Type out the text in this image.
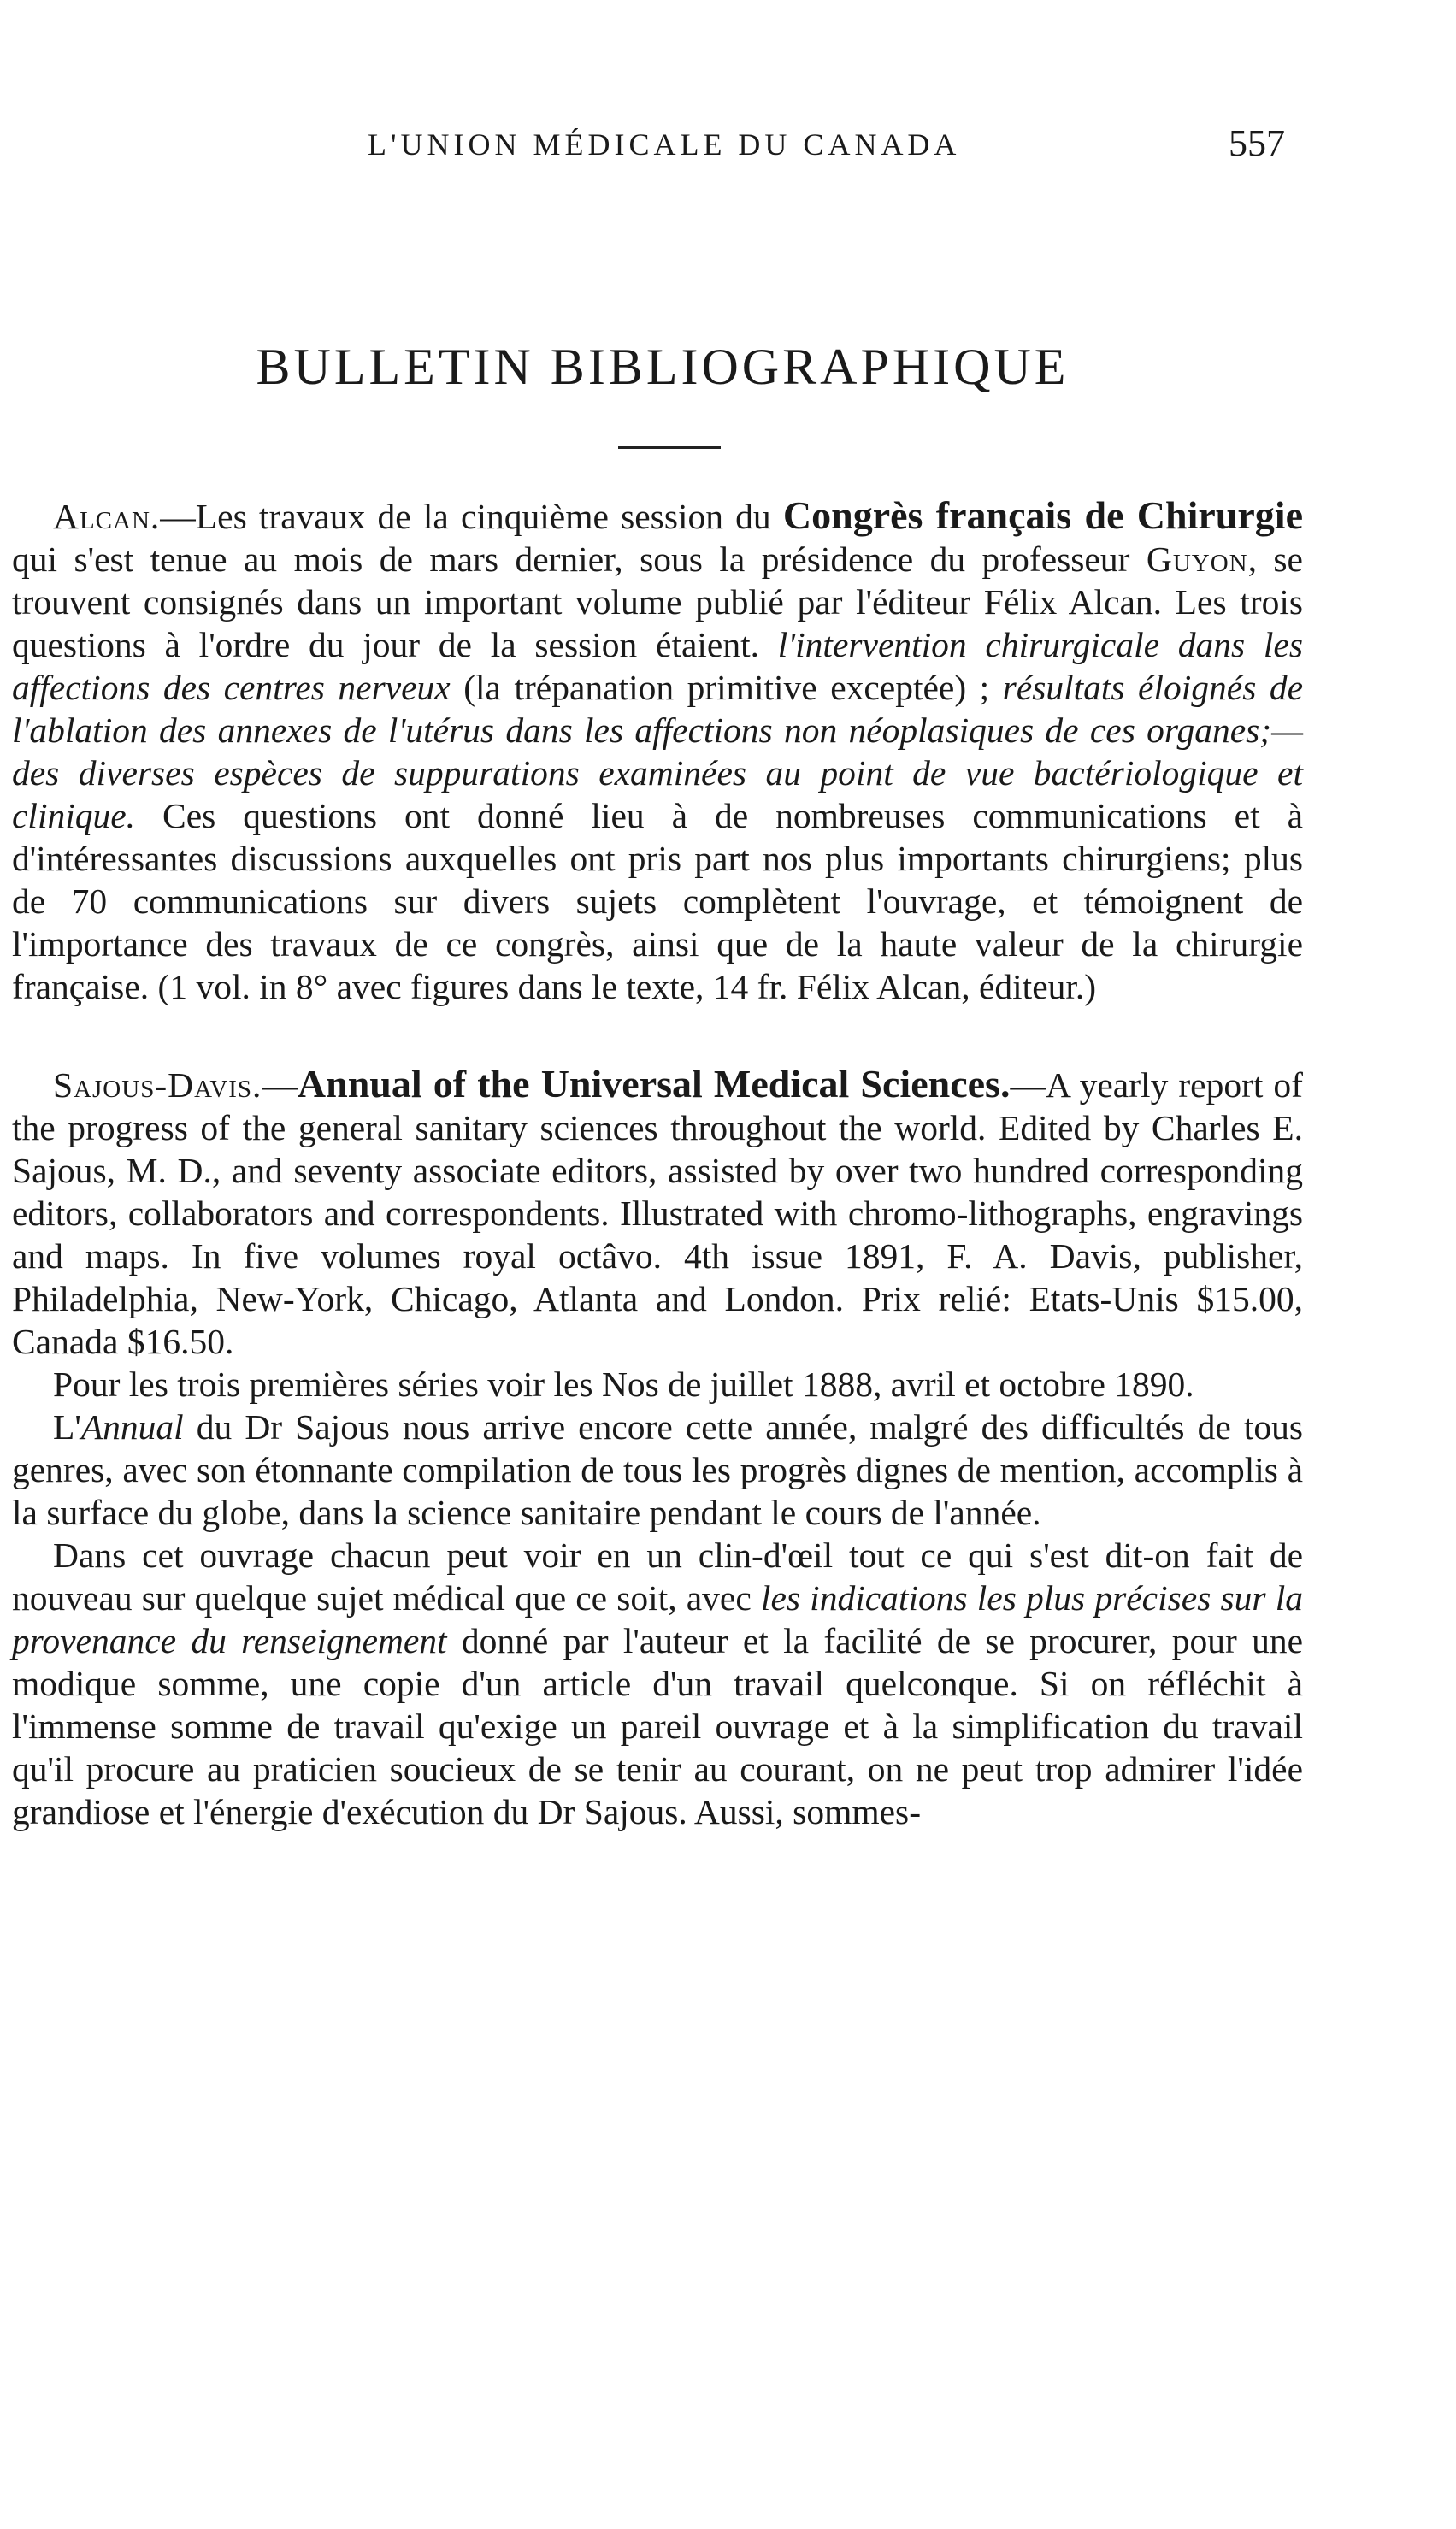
L'UNION MÉDICALE DU CANADA	557
BULLETIN BIBLIOGRAPHIQUE

Alcan.—Les travaux de la cinquième session du Congrès français de Chirurgie qui s'est tenue au mois de mars dernier, sous la présidence du professeur Guyon, se trouvent consignés dans un important volume publié par l'éditeur Félix Alcan. Les trois questions à l'ordre du jour de la session étaient. l'intervention chirurgicale dans les affections des centres nerveux (la trépanation primitive exceptée) ; résultats éloignés de l'ablation des annexes de l'utérus dans les affections non néoplasiques de ces organes;—des diverses espèces de suppurations examinées au point de vue bactériologique et clinique. Ces questions ont donné lieu à de nombreuses communications et à d'intéressantes discussions auxquelles ont pris part nos plus importants chirurgiens; plus de 70 communications sur divers sujets complètent l'ouvrage, et témoignent de l'importance des travaux de ce congrès, ainsi que de la haute valeur de la chirurgie française. (1 vol. in 8° avec figures dans le texte, 14 fr. Félix Alcan, éditeur.)

Sajous-Davis.—Annual of the Universal Medical Sciences.—A yearly report of the progress of the general sanitary sciences throughout the world. Edited by Charles E. Sajous, M. D., and seventy associate editors, assisted by over two hundred corresponding editors, collaborators and correspondents. Illustrated with chromo-lithographs, engravings and maps. In five volumes royal octâvo. 4th issue 1891, F. A. Davis, publisher, Philadelphia, New-York, Chicago, Atlanta and London. Prix relié: Etats-Unis $15.00, Canada $16.50.

Pour les trois premières séries voir les Nos de juillet 1888, avril et octobre 1890.

L'Annual du Dr Sajous nous arrive encore cette année, malgré des difficultés de tous genres, avec son étonnante compilation de tous les progrès dignes de mention, accomplis à la surface du globe, dans la science sanitaire pendant le cours de l'année.

Dans cet ouvrage chacun peut voir en un clin-d'œil tout ce qui s'est dit-on fait de nouveau sur quelque sujet médical que ce soit, avec les indications les plus précises sur la provenance du renseignement donné par l'auteur et la facilité de se procurer, pour une modique somme, une copie d'un article d'un travail quelconque. Si on réfléchit à l'immense somme de travail qu'exige un pareil ouvrage et à la simplification du travail qu'il procure au praticien soucieux de se tenir au courant, on ne peut trop admirer l'idée grandiose et l'énergie d'exécution du Dr Sajous. Aussi, sommes-
